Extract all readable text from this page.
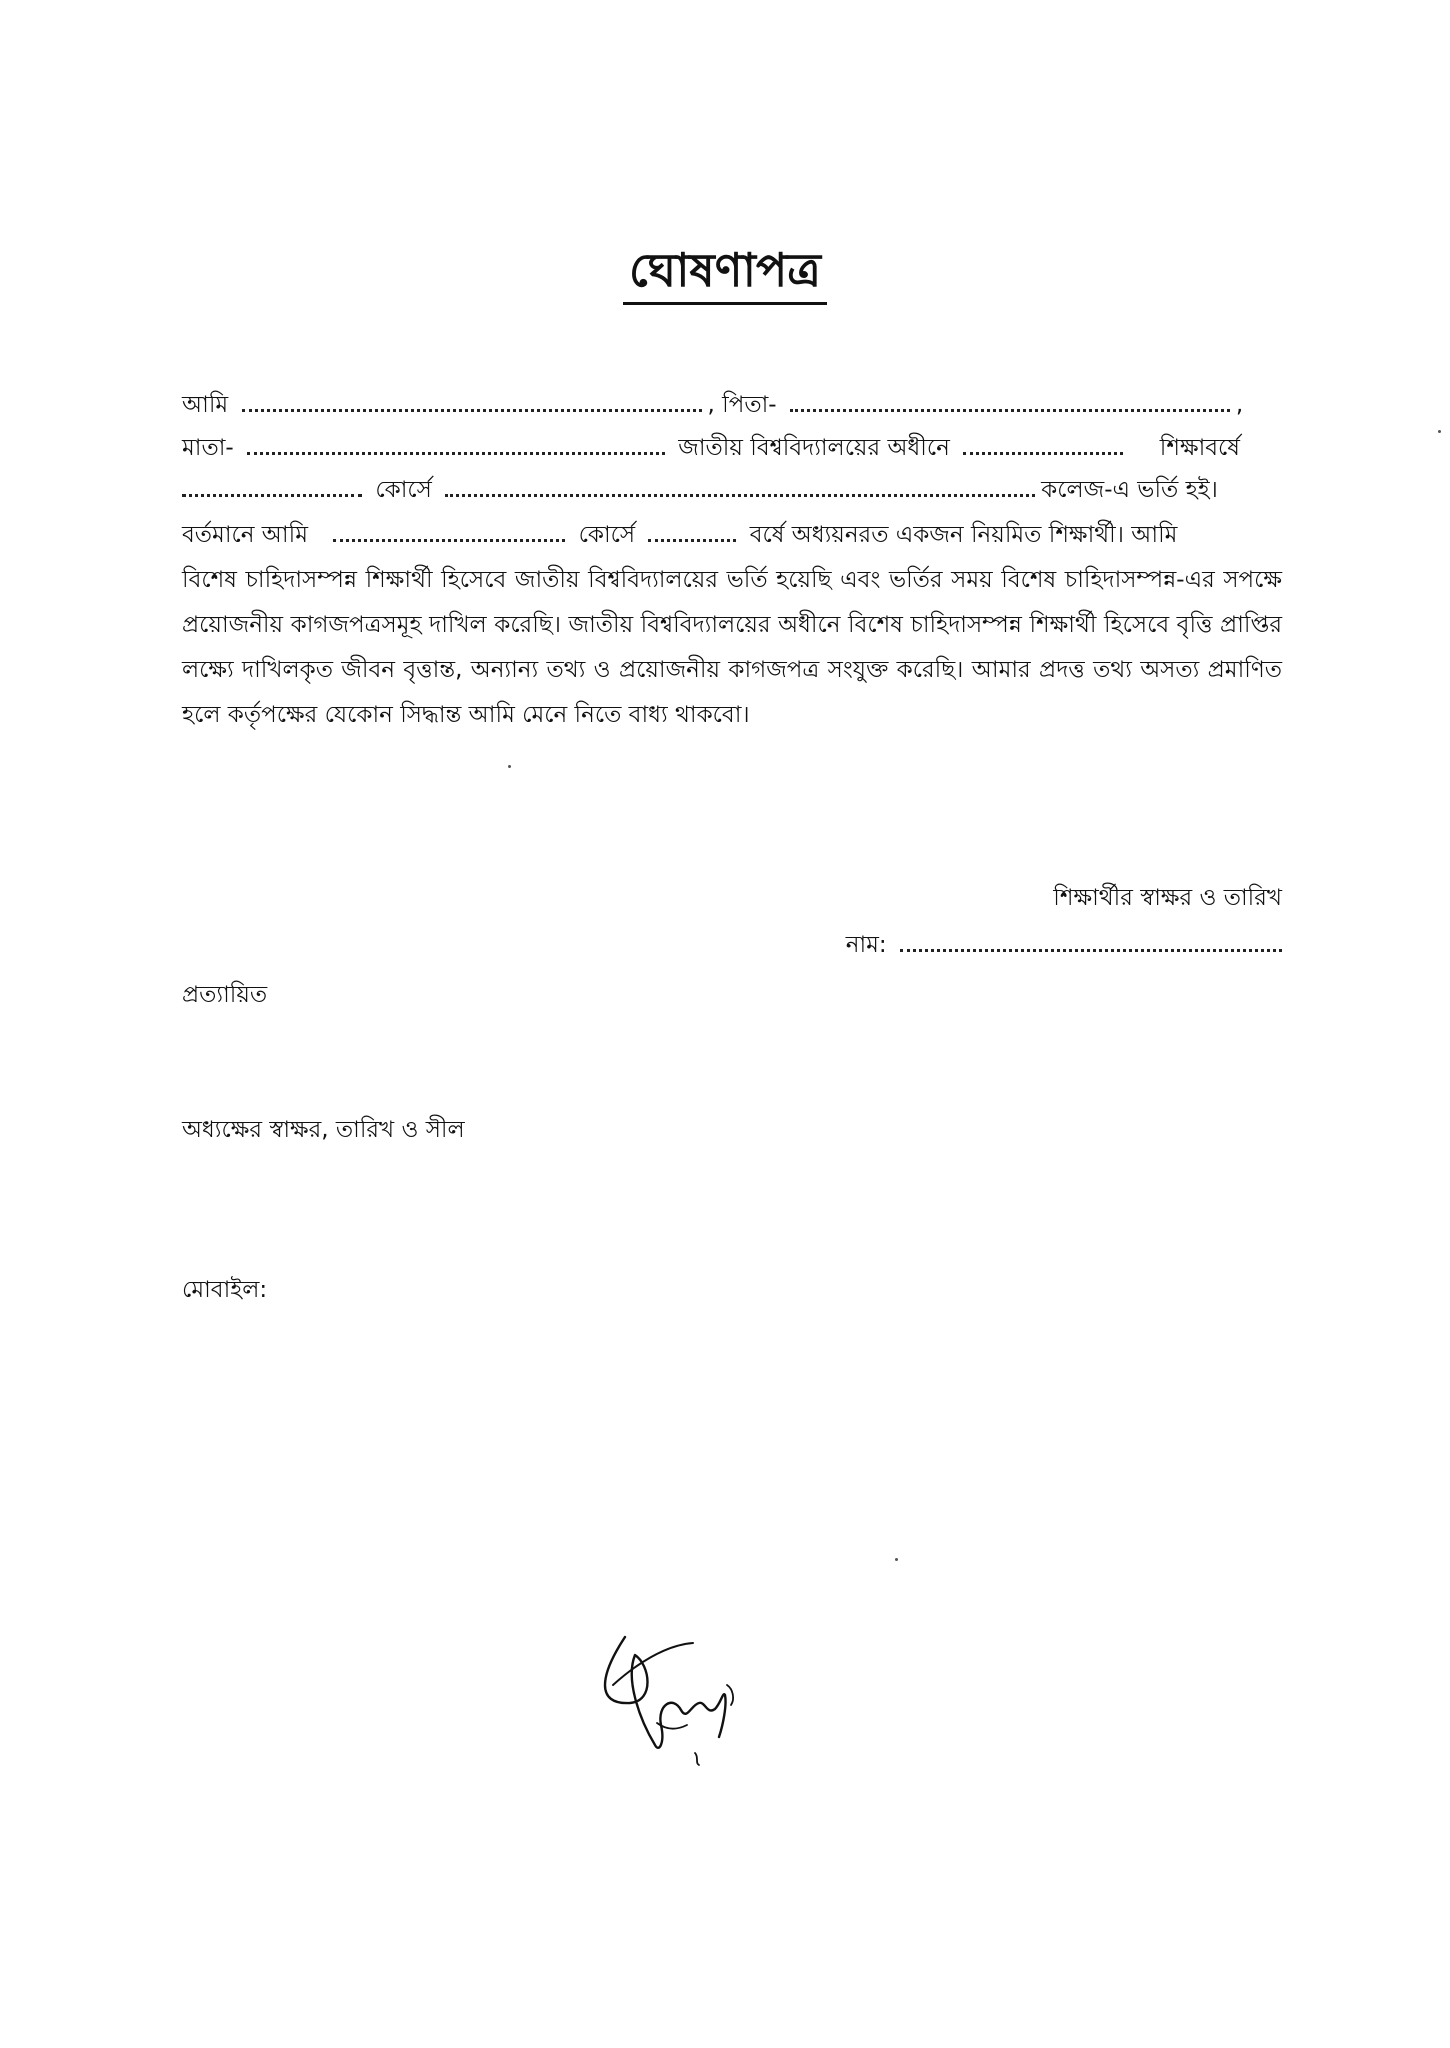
ঘোষণাপত্র
আমি	, পিতা-	,
মাতা-	জাতীয় বিশ্ববিদ্যালয়ের অধীনে	শিক্ষাবর্ষে
কোর্সে	কলেজ-এ ভর্তি হই।
বর্তমানে আমি	কোর্সে	বর্ষে অধ্যয়নরত একজন নিয়মিত শিক্ষার্থী। আমি
বিশেষ চাহিদাসম্পন্ন শিক্ষার্থী হিসেবে জাতীয় বিশ্ববিদ্যালয়ের ভর্তি হয়েছি এবং ভর্তির সময় বিশেষ চাহিদাসম্পন্ন-এর সপক্ষে প্রয়োজনীয় কাগজপত্রসমূহ দাখিল করেছি। জাতীয় বিশ্ববিদ্যালয়ের অধীনে বিশেষ চাহিদাসম্পন্ন শিক্ষার্থী হিসেবে বৃত্তি প্রাপ্তির লক্ষ্যে দাখিলকৃত জীবন বৃত্তান্ত, অন্যান্য তথ্য ও প্রয়োজনীয় কাগজপত্র সংযুক্ত করেছি। আমার প্রদত্ত তথ্য অসত্য প্রমাণিত হলে কর্তৃপক্ষের যেকোন সিদ্ধান্ত আমি মেনে নিতে বাধ্য থাকবো।
শিক্ষার্থীর স্বাক্ষর ও তারিখ
নাম:
প্রত্যায়িত
অধ্যক্ষের স্বাক্ষর, তারিখ ও সীল
মোবাইল:
